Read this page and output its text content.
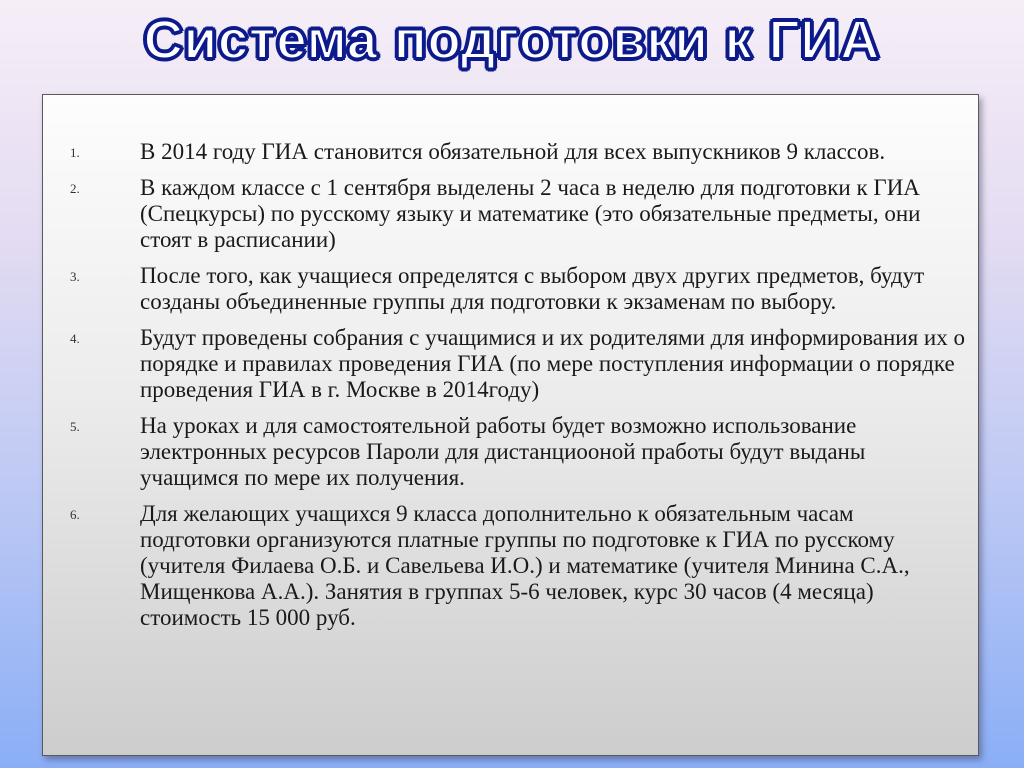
Система подготовки к ГИА
1.	В 2014 году ГИА становится обязательной для всех выпускников 9 классов.
2.	В каждом классе с 1 сентября выделены 2 часа в неделю для подготовки к ГИА (Спецкурсы) по русскому языку и математике (это обязательные предметы, они стоят в расписании)
3.	После того, как учащиеся определятся с выбором двух других предметов, будут созданы объединенные группы для подготовки к экзаменам по выбору.
4.	Будут проведены собрания с учащимися и их родителями для информирования их о порядке и правилах проведения ГИА (по мере поступления информации о порядке проведения ГИА в г. Москве в 2014году)
5.	На уроках и для самостоятельной работы будет возможно использование электронных ресурсов Пароли для дистанциооной пработы будут выданы учащимся по мере их получения.
6.	Для желающих учащихся 9 класса дополнительно к обязательным часам подготовки организуются платные группы по подготовке к ГИА по русскому (учителя Филаева О.Б. и Савельева И.О.) и математике (учителя Минина С.А., Мищенкова А.А.). Занятия в группах 5-6 человек, курс 30 часов (4 месяца) стоимость 15 000 руб.
